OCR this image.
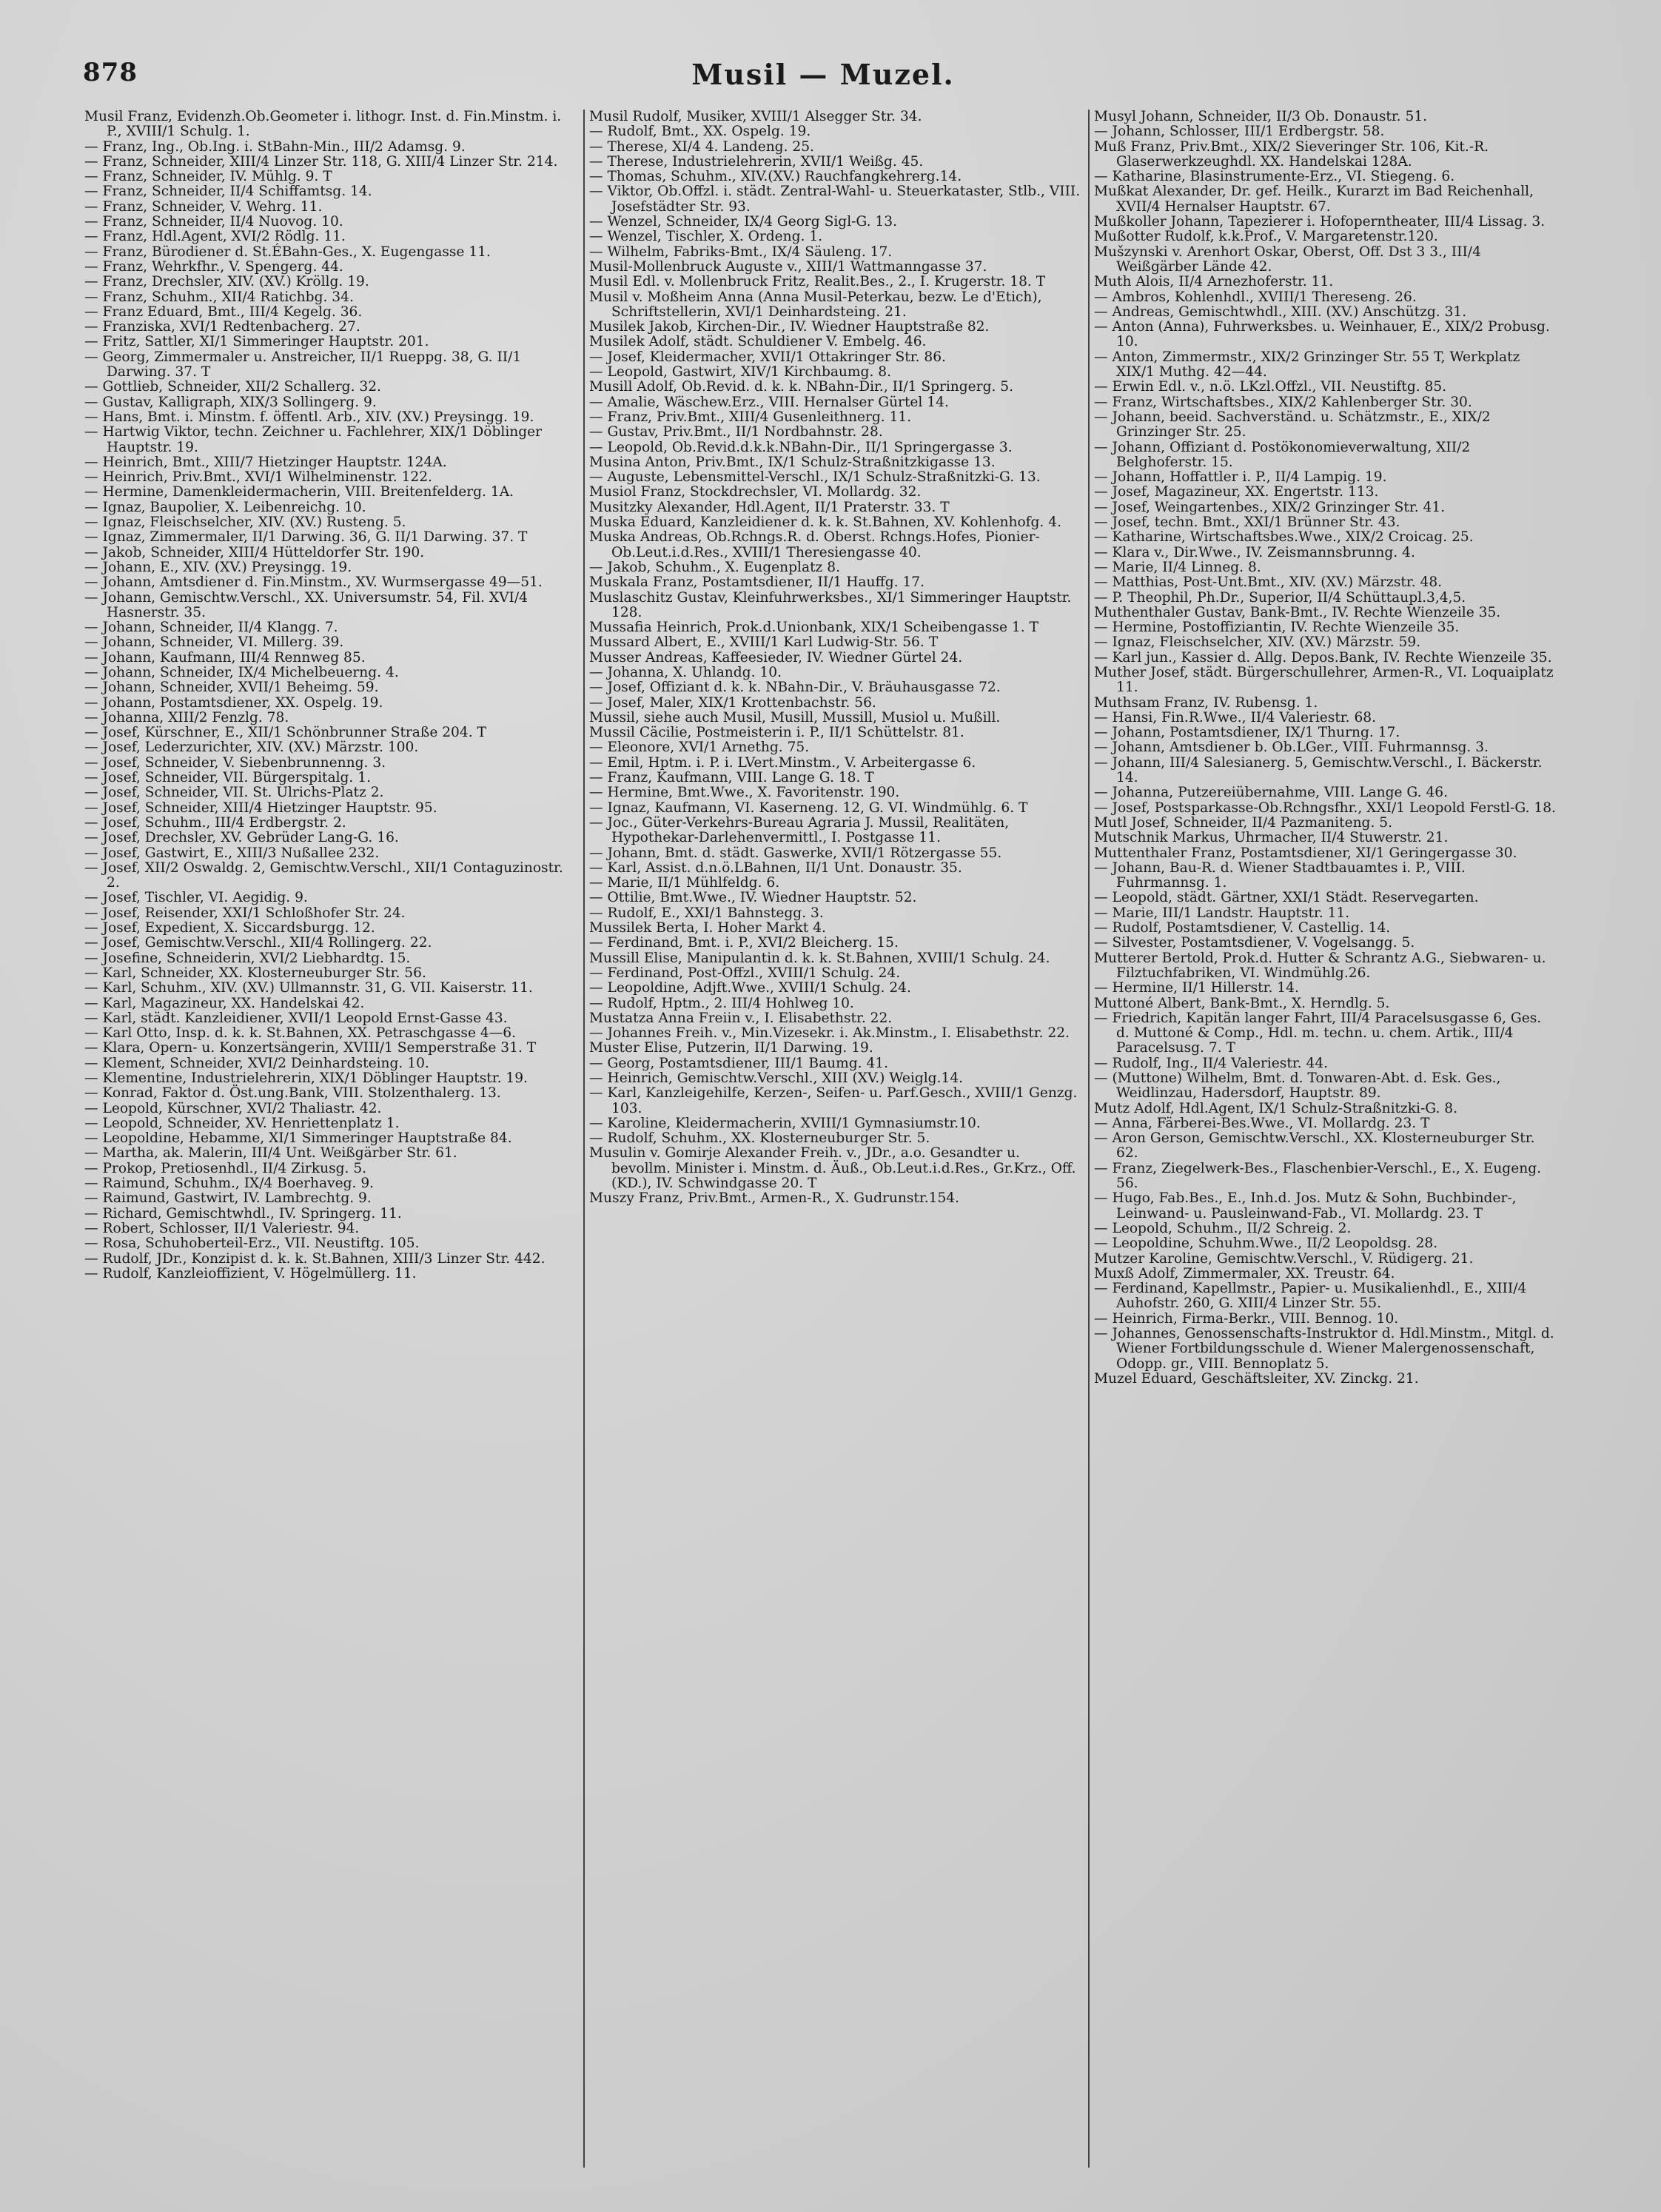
878	Musil — Muzel.

Musil Franz, Evidenzh.Ob.Geometer i. lithogr. Inst. d. Fin.Minstm. i. P., XVIII/1 Schulg. 1.

— Franz, Ing., Ob.Ing. i. StBahn-Min., III/2 Adamsg. 9.

— Franz, Schneider, XIII/4 Linzer Str. 118, G. XIII/4 Linzer Str. 214.

— Franz, Schneider, IV. Mühlg. 9. T

— Franz, Schneider, II/4 Schiffamtsg. 14.

— Franz, Schneider, V. Wehrg. 11.

— Franz, Schneider, II/4 Nuovog. 10.

— Franz, Hdl.Agent, XVI/2 Rödlg. 11.

— Franz, Bürodiener d. St.ÉBahn-Ges., X. Eugengasse 11.

— Franz, Wehrkfhr., V. Spengerg. 44.

— Franz, Drechsler, XIV. (XV.) Kröllg. 19.

— Franz, Schuhm., XII/4 Ratichbg. 34.

— Franz Eduard, Bmt., III/4 Kegelg. 36.

— Franziska, XVI/1 Redtenbacherg. 27.

— Fritz, Sattler, XI/1 Simmeringer Hauptstr. 201.

— Georg, Zimmermaler u. Anstreicher, II/1 Rueppg. 38, G. II/1 Darwing. 37. T

— Gottlieb, Schneider, XII/2 Schallerg. 32.

— Gustav, Kalligraph, XIX/3 Sollingerg. 9.

— Hans, Bmt. i. Minstm. f. öffentl. Arb., XIV. (XV.) Preysingg. 19.

— Hartwig Viktor, techn. Zeichner u. Fachlehrer, XIX/1 Döblinger Hauptstr. 19.

— Heinrich, Bmt., XIII/7 Hietzinger Hauptstr. 124A.

— Heinrich, Priv.Bmt., XVI/1 Wilhelminenstr. 122.

— Hermine, Damenkleidermacherin, VIII. Breitenfelderg. 1A.

— Ignaz, Baupolier, X. Leibenreichg. 10.

— Ignaz, Fleischselcher, XIV. (XV.) Rusteng. 5.

— Ignaz, Zimmermaler, II/1 Darwing. 36, G. II/1 Darwing. 37. T

— Jakob, Schneider, XIII/4 Hütteldorfer Str. 190.

— Johann, E., XIV. (XV.) Preysingg. 19.

— Johann, Amtsdiener d. Fin.Minstm., XV. Wurmsergasse 49—51.

— Johann, Gemischtw.Verschl., XX. Universumstr. 54, Fil. XVI/4 Hasnerstr. 35.

— Johann, Schneider, II/4 Klangg. 7.

— Johann, Schneider, VI. Millerg. 39.

— Johann, Kaufmann, III/4 Rennweg 85.

— Johann, Schneider, IX/4 Michelbeuerng. 4.

— Johann, Schneider, XVII/1 Beheimg. 59.

— Johann, Postamtsdiener, XX. Ospelg. 19.

— Johanna, XIII/2 Fenzlg. 78.

— Josef, Kürschner, E., XII/1 Schönbrunner Straße 204. T

— Josef, Lederzurichter, XIV. (XV.) Märzstr. 100.

— Josef, Schneider, V. Siebenbrunnenng. 3.

— Josef, Schneider, VII. Bürgerspitalg. 1.

— Josef, Schneider, VII. St. Ulrichs-Platz 2.

— Josef, Schneider, XIII/4 Hietzinger Hauptstr. 95.

— Josef, Schuhm., III/4 Erdbergstr. 2.

— Josef, Drechsler, XV. Gebrüder Lang-G. 16.

— Josef, Gastwirt, E., XIII/3 Nußallee 232.

— Josef, XII/2 Oswaldg. 2, Gemischtw.Verschl., XII/1 Contaguzinostr. 2.

— Josef, Tischler, VI. Aegidig. 9.

— Josef, Reisender, XXI/1 Schloßhofer Str. 24.

— Josef, Expedient, X. Siccardsburgg. 12.

— Josef, Gemischtw.Verschl., XII/4 Rollingerg. 22.

— Josefine, Schneiderin, XVI/2 Liebhardtg. 15.

— Karl, Schneider, XX. Klosterneuburger Str. 56.

— Karl, Schuhm., XIV. (XV.) Ullmannstr. 31, G. VII. Kaiserstr. 11.

— Karl, Magazineur, XX. Handelskai 42.

— Karl, städt. Kanzleidiener, XVII/1 Leopold Ernst-Gasse 43.

— Karl Otto, Insp. d. k. k. St.Bahnen, XX. Petraschgasse 4—6.

— Klara, Opern- u. Konzertsängerin, XVIII/1 Semperstraße 31. T

— Klement, Schneider, XVI/2 Deinhardsteing. 10.

— Klementine, Industrielehrerin, XIX/1 Döblinger Hauptstr. 19.

— Konrad, Faktor d. Öst.ung.Bank, VIII. Stolzenthalerg. 13.

— Leopold, Kürschner, XVI/2 Thaliastr. 42.

— Leopold, Schneider, XV. Henriettenplatz 1.

— Leopoldine, Hebamme, XI/1 Simmeringer Hauptstraße 84.

— Martha, ak. Malerin, III/4 Unt. Weißgärber Str. 61.

— Prokop, Pretiosenhdl., II/4 Zirkusg. 5.

— Raimund, Schuhm., IX/4 Boerhaveg. 9.

— Raimund, Gastwirt, IV. Lambrechtg. 9.

— Richard, Gemischtwhdl., IV. Springerg. 11.

— Robert, Schlosser, II/1 Valeriestr. 94.

— Rosa, Schuhoberteil-Erz., VII. Neustiftg. 105.

— Rudolf, JDr., Konzipist d. k. k. St.Bahnen, XIII/3 Linzer Str. 442.

— Rudolf, Kanzleioffizient, V. Högelmüllerg. 11.

Musil Rudolf, Musiker, XVIII/1 Alsegger Str. 34.

— Rudolf, Bmt., XX. Ospelg. 19.

— Therese, XI/4 4. Landeng. 25.

— Therese, Industrielehrerin, XVII/1 Weißg. 45.

— Thomas, Schuhm., XIV.(XV.) Rauchfangkehrerg.14.

— Viktor, Ob.Offzl. i. städt. Zentral-Wahl- u. Steuerkataster, Stlb., VIII. Josefstädter Str. 93.

— Wenzel, Schneider, IX/4 Georg Sigl-G. 13.

— Wenzel, Tischler, X. Ordeng. 1.

— Wilhelm, Fabriks-Bmt., IX/4 Säuleng. 17.

Musil-Mollenbruck Auguste v., XIII/1 Wattmanngasse 37.

Musil Edl. v. Mollenbruck Fritz, Realit.Bes., 2., I. Krugerstr. 18. T

Musil v. Moßheim Anna (Anna Musil-Peterkau, bezw. Le d'Etich), Schriftstellerin, XVI/1 Deinhardsteing. 21.

Musilek Jakob, Kirchen-Dir., IV. Wiedner Hauptstraße 82.

Musilek Adolf, städt. Schuldiener V. Embelg. 46.

— Josef, Kleidermacher, XVII/1 Ottakringer Str. 86.

— Leopold, Gastwirt, XIV/1 Kirchbaumg. 8.

Musill Adolf, Ob.Revid. d. k. k. NBahn-Dir., II/1 Springerg. 5.

— Amalie, Wäschew.Erz., VIII. Hernalser Gürtel 14.

— Franz, Priv.Bmt., XIII/4 Gusenleithnerg. 11.

— Gustav, Priv.Bmt., II/1 Nordbahnstr. 28.

— Leopold, Ob.Revid.d.k.k.NBahn-Dir., II/1 Springergasse 3.

Musina Anton, Priv.Bmt., IX/1 Schulz-Straßnitzkigasse 13.

— Auguste, Lebensmittel-Verschl., IX/1 Schulz-Straßnitzki-G. 13.

Musiol Franz, Stockdrechsler, VI. Mollardg. 32.

Musitzky Alexander, Hdl.Agent, II/1 Praterstr. 33. T

Muska Eduard, Kanzleidiener d. k. k. St.Bahnen, XV. Kohlenhofg. 4.

Muska Andreas, Ob.Rchngs.R. d. Oberst. Rchngs.Hofes, Pionier-Ob.Leut.i.d.Res., XVIII/1 Theresiengasse 40.

— Jakob, Schuhm., X. Eugenplatz 8.

Muskala Franz, Postamtsdiener, II/1 Hauffg. 17.

Muslaschitz Gustav, Kleinfuhrwerksbes., XI/1 Simmeringer Hauptstr. 128.

Mussafia Heinrich, Prok.d.Unionbank, XIX/1 Scheibengasse 1. T

Mussard Albert, E., XVIII/1 Karl Ludwig-Str. 56. T

Musser Andreas, Kaffeesieder, IV. Wiedner Gürtel 24.

— Johanna, X. Uhlandg. 10.

— Josef, Offiziant d. k. k. NBahn-Dir., V. Bräuhausgasse 72.

— Josef, Maler, XIX/1 Krottenbachstr. 56.

Mussil, siehe auch Musil, Musill, Mussill, Musiol u. Mußill.

Mussil Cäcilie, Postmeisterin i. P., II/1 Schüttelstr. 81.

— Eleonore, XVI/1 Arnethg. 75.

— Emil, Hptm. i. P. i. LVert.Minstm., V. Arbeitergasse 6.

— Franz, Kaufmann, VIII. Lange G. 18. T

— Hermine, Bmt.Wwe., X. Favoritenstr. 190.

— Ignaz, Kaufmann, VI. Kaserneng. 12, G. VI. Windmühlg. 6. T

— Joc., Güter-Verkehrs-Bureau Agraria J. Mussil, Realitäten, Hypothekar-Darlehenvermittl., I. Postgasse 11.

— Johann, Bmt. d. städt. Gaswerke, XVII/1 Rötzergasse 55.

— Karl, Assist. d.n.ö.LBahnen, II/1 Unt. Donaustr. 35.

— Marie, II/1 Mühlfeldg. 6.

— Ottilie, Bmt.Wwe., IV. Wiedner Hauptstr. 52.

— Rudolf, E., XXI/1 Bahnstegg. 3.

Mussilek Berta, I. Hoher Markt 4.

— Ferdinand, Bmt. i. P., XVI/2 Bleicherg. 15.

Mussill Elise, Manipulantin d. k. k. St.Bahnen, XVIII/1 Schulg. 24.

— Ferdinand, Post-Offzl., XVIII/1 Schulg. 24.

— Leopoldine, Adjft.Wwe., XVIII/1 Schulg. 24.

— Rudolf, Hptm., 2. III/4 Hohlweg 10.

Mustatza Anna Freiin v., I. Elisabethstr. 22.

— Johannes Freih. v., Min.Vizesekr. i. Ak.Minstm., I. Elisabethstr. 22.

Muster Elise, Putzerin, II/1 Darwing. 19.

— Georg, Postamtsdiener, III/1 Baumg. 41.

— Heinrich, Gemischtw.Verschl., XIII (XV.) Weiglg.14.

— Karl, Kanzleigehilfe, Kerzen-, Seifen- u. Parf.Gesch., XVIII/1 Genzg. 103.

— Karoline, Kleidermacherin, XVIII/1 Gymnasiumstr.10.

— Rudolf, Schuhm., XX. Klosterneuburger Str. 5.

Musulin v. Gomirje Alexander Freih. v., JDr., a.o. Gesandter u. bevollm. Minister i. Minstm. d. Äuß., Ob.Leut.i.d.Res., Gr.Krz., Off.(KD.), IV. Schwindgasse 20. T

Muszy Franz, Priv.Bmt., Armen-R., X. Gudrunstr.154.

Musyl Johann, Schneider, II/3 Ob. Donaustr. 51.

— Johann, Schlosser, III/1 Erdbergstr. 58.

Muß Franz, Priv.Bmt., XIX/2 Sieveringer Str. 106, Kit.-R. Glaserwerkzeughdl. XX. Handelskai 128A.

— Katharine, Blasinstrumente-Erz., VI. Stiegeng. 6.

Mußkat Alexander, Dr. gef. Heilk., Kurarzt im Bad Reichenhall, XVII/4 Hernalser Hauptstr. 67.

Mußkoller Johann, Tapezierer i. Hofoperntheater, III/4 Lissag. 3.

Mußotter Rudolf, k.k.Prof., V. Margaretenstr.120.

Mušzynski v. Arenhort Oskar, Oberst, Off. Dst 3 3., III/4 Weißgärber Lände 42.

Muth Alois, II/4 Arnezhoferstr. 11.

— Ambros, Kohlenhdl., XVIII/1 Thereseng. 26.

— Andreas, Gemischtwhdl., XIII. (XV.) Anschützg. 31.

— Anton (Anna), Fuhrwerksbes. u. Weinhauer, E., XIX/2 Probusg. 10.

— Anton, Zimmermstr., XIX/2 Grinzinger Str. 55 T, Werkplatz XIX/1 Muthg. 42—44.

— Erwin Edl. v., n.ö. LKzl.Offzl., VII. Neustiftg. 85.

— Franz, Wirtschaftsbes., XIX/2 Kahlenberger Str. 30.

— Johann, beeid. Sachverständ. u. Schätzmstr., E., XIX/2 Grinzinger Str. 25.

— Johann, Offiziant d. Postökonomieverwaltung, XII/2 Belghoferstr. 15.

— Johann, Hoffattler i. P., II/4 Lampig. 19.

— Josef, Magazineur, XX. Engertstr. 113.

— Josef, Weingartenbes., XIX/2 Grinzinger Str. 41.

— Josef, techn. Bmt., XXI/1 Brünner Str. 43.

— Katharine, Wirtschaftsbes.Wwe., XIX/2 Croicag. 25.

— Klara v., Dir.Wwe., IV. Zeismannsbrunng. 4.

— Marie, II/4 Linneg. 8.

— Matthias, Post-Unt.Bmt., XIV. (XV.) Märzstr. 48.

— P. Theophil, Ph.Dr., Superior, II/4 Schüttaupl.3,4,5.

Muthenthaler Gustav, Bank-Bmt., IV. Rechte Wienzeile 35.

— Hermine, Postoffiziantin, IV. Rechte Wienzeile 35.

— Ignaz, Fleischselcher, XIV. (XV.) Märzstr. 59.

— Karl jun., Kassier d. Allg. Depos.Bank, IV. Rechte Wienzeile 35.

Muther Josef, städt. Bürgerschullehrer, Armen-R., VI. Loquaiplatz 11.

Muthsam Franz, IV. Rubensg. 1.

— Hansi, Fin.R.Wwe., II/4 Valeriestr. 68.

— Johann, Postamtsdiener, IX/1 Thurng. 17.

— Johann, Amtsdiener b. Ob.LGer., VIII. Fuhrmannsg. 3.

— Johann, III/4 Salesianerg. 5, Gemischtw.Verschl., I. Bäckerstr. 14.

— Johanna, Putzereiübernahme, VIII. Lange G. 46.

— Josef, Postsparkasse-Ob.Rchngsfhr., XXI/1 Leopold Ferstl-G. 18.

Mutl Josef, Schneider, II/4 Pazmaniteng. 5.

Mutschnik Markus, Uhrmacher, II/4 Stuwerstr. 21.

Muttenthaler Franz, Postamtsdiener, XI/1 Geringergasse 30.

— Johann, Bau-R. d. Wiener Stadtbauamtes i. P., VIII. Fuhrmannsg. 1.

— Leopold, städt. Gärtner, XXI/1 Städt. Reservegarten.

— Marie, III/1 Landstr. Hauptstr. 11.

— Rudolf, Postamtsdiener, V. Castellig. 14.

— Silvester, Postamtsdiener, V. Vogelsangg. 5.

Mutterer Bertold, Prok.d. Hutter & Schrantz A.G., Siebwaren- u. Filztuchfabriken, VI. Windmühlg.26.

— Hermine, II/1 Hillerstr. 14.

Muttoné Albert, Bank-Bmt., X. Herndlg. 5.

— Friedrich, Kapitän langer Fahrt, III/4 Paracelsusgasse 6, Ges. d. Muttoné & Comp., Hdl. m. techn. u. chem. Artik., III/4 Paracelsusg. 7. T

— Rudolf, Ing., II/4 Valeriestr. 44.

— (Muttone) Wilhelm, Bmt. d. Tonwaren-Abt. d. Esk. Ges., Weidlinzau, Hadersdorf, Hauptstr. 89.

Mutz Adolf, Hdl.Agent, IX/1 Schulz-Straßnitzki-G. 8.

— Anna, Färberei-Bes.Wwe., VI. Mollardg. 23. T

— Aron Gerson, Gemischtw.Verschl., XX. Klosterneuburger Str. 62.

— Franz, Ziegelwerk-Bes., Flaschenbier-Verschl., E., X. Eugeng. 56.

— Hugo, Fab.Bes., E., Inh.d. Jos. Mutz & Sohn, Buchbinder-, Leinwand- u. Pausleinwand-Fab., VI. Mollardg. 23. T

— Leopold, Schuhm., II/2 Schreig. 2.

— Leopoldine, Schuhm.Wwe., II/2 Leopoldsg. 28.

Mutzer Karoline, Gemischtw.Verschl., V. Rüdigerg. 21.

Muxß Adolf, Zimmermaler, XX. Treustr. 64.

— Ferdinand, Kapellmstr., Papier- u. Musikalienhdl., E., XIII/4 Auhofstr. 260, G. XIII/4 Linzer Str. 55.

— Heinrich, Firma-Berkr., VIII. Bennog. 10.

— Johannes, Genossenschafts-Instruktor d. Hdl.Minstm., Mitgl. d. Wiener Fortbildungsschule d. Wiener Malergenossenschaft, Odopp. gr., VIII. Bennoplatz 5.

Muzel Eduard, Geschäftsleiter, XV. Zinckg. 21.
